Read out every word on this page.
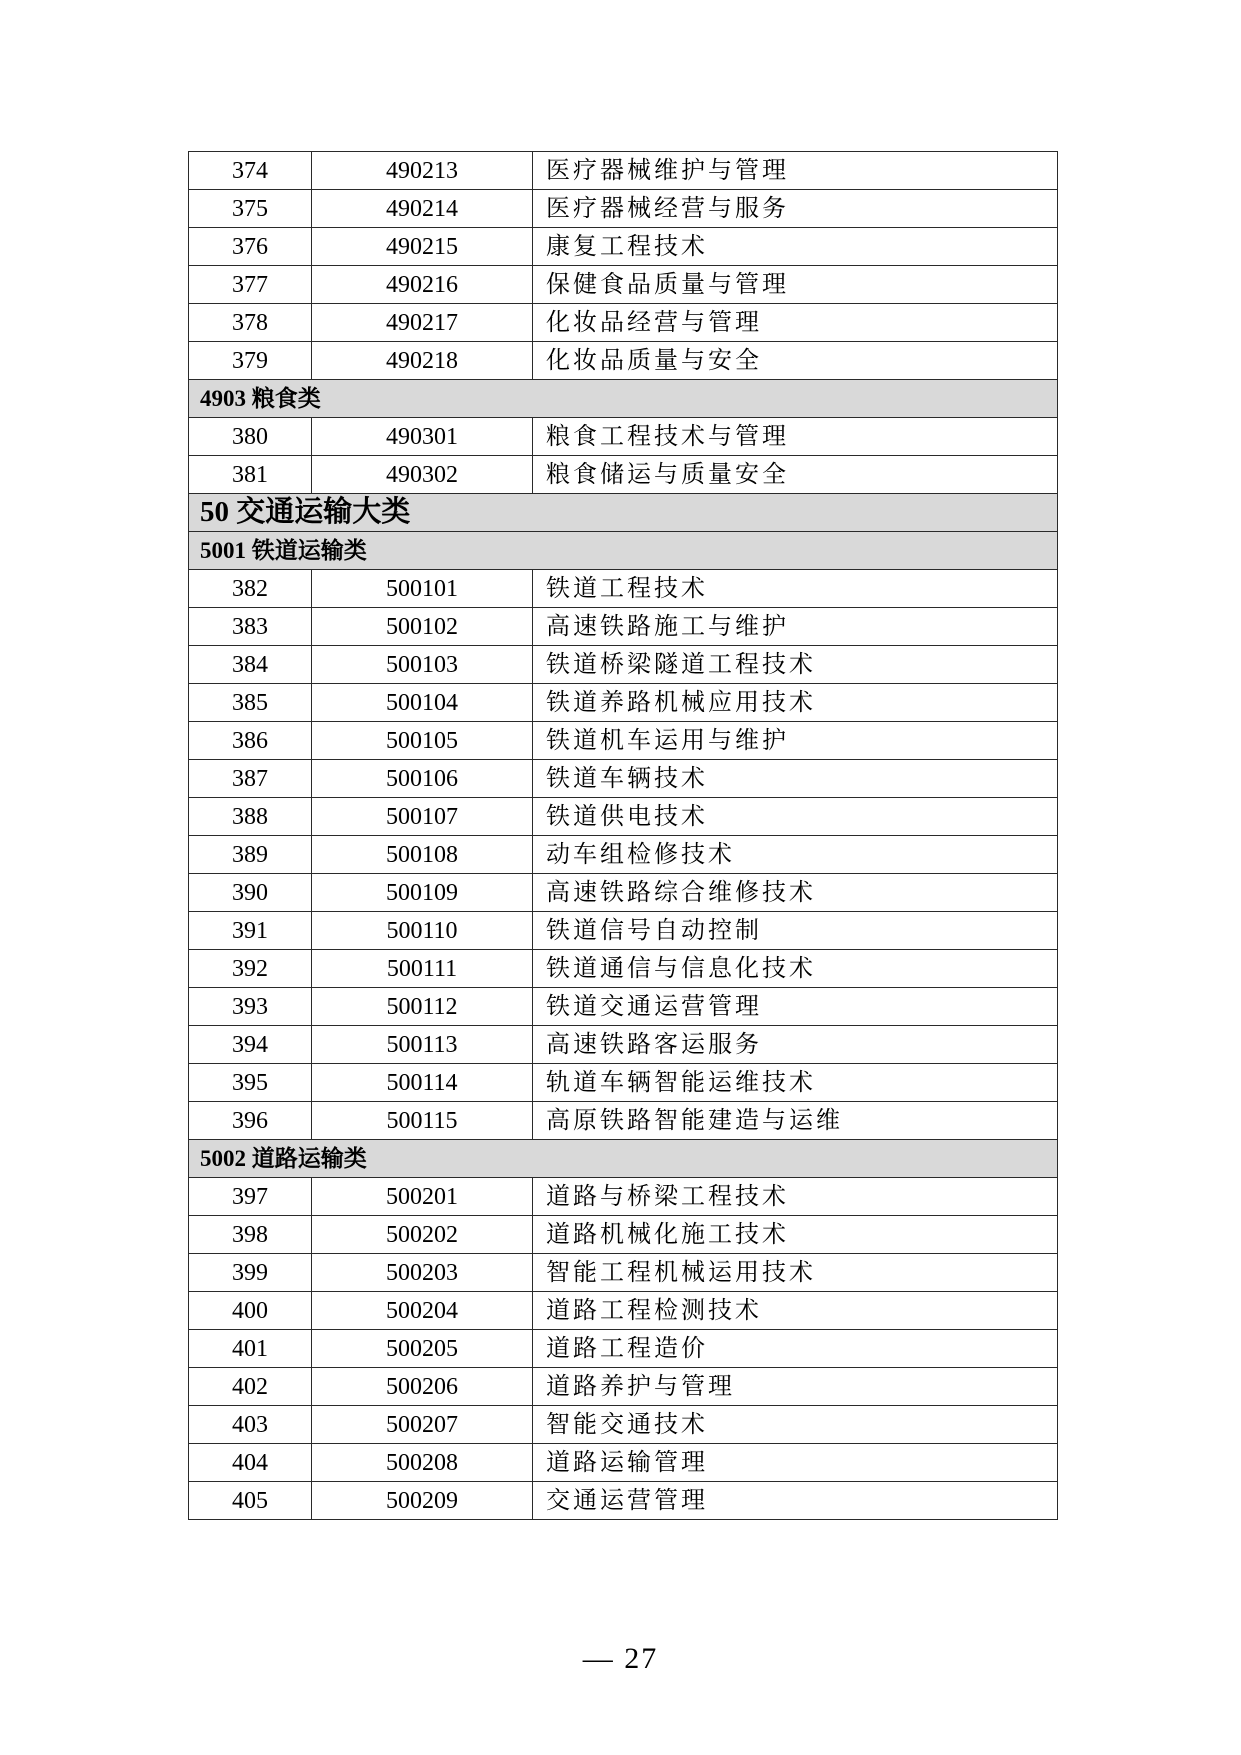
374	490213	医疗器械维护与管理
375	490214	医疗器械经营与服务
376	490215	康复工程技术
377	490216	保健食品质量与管理
378	490217	化妆品经营与管理
379	490218	化妆品质量与安全
4903 粮食类		
380	490301	粮食工程技术与管理
381	490302	粮食储运与质量安全
50 交通运输大类		
5001 铁道运输类		
382	500101	铁道工程技术
383	500102	高速铁路施工与维护
384	500103	铁道桥梁隧道工程技术
385	500104	铁道养路机械应用技术
386	500105	铁道机车运用与维护
387	500106	铁道车辆技术
388	500107	铁道供电技术
389	500108	动车组检修技术
390	500109	高速铁路综合维修技术
391	500110	铁道信号自动控制
392	500111	铁道通信与信息化技术
393	500112	铁道交通运营管理
394	500113	高速铁路客运服务
395	500114	轨道车辆智能运维技术
396	500115	高原铁路智能建造与运维
5002 道路运输类		
397	500201	道路与桥梁工程技术
398	500202	道路机械化施工技术
399	500203	智能工程机械运用技术
400	500204	道路工程检测技术
401	500205	道路工程造价
402	500206	道路养护与管理
403	500207	智能交通技术
404	500208	道路运输管理
405	500209	交通运营管理
— 27
